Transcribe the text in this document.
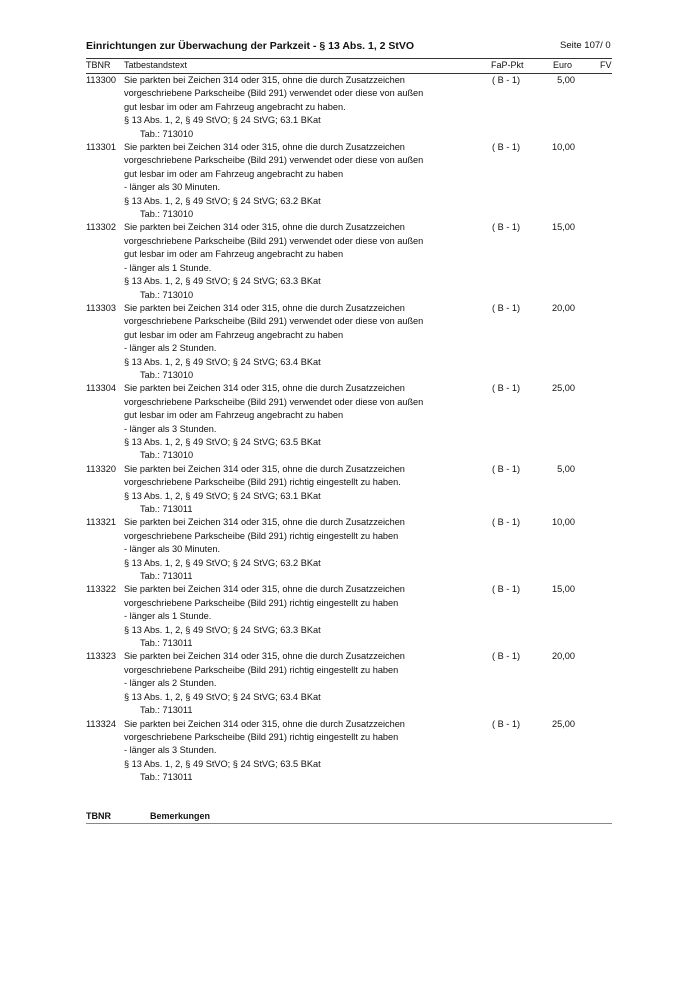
Einrichtungen zur Überwachung der Parkzeit - § 13 Abs. 1, 2 StVO	Seite 107/ 0
TBNR Tatbestandstext	FaP-Pkt	Euro	FV
113300 Sie parkten bei Zeichen 314 oder 315, ohne die durch Zusatzzeichen
vorgeschriebene Parkscheibe (Bild 291) verwendet oder diese von außen
gut lesbar im oder am Fahrzeug angebracht zu haben.
§ 13 Abs. 1, 2, § 49 StVO; § 24 StVG; 63.1 BKat
Tab.: 713010
( B - 1)	5,00
113301 Sie parkten bei Zeichen 314 oder 315, ohne die durch Zusatzzeichen
vorgeschriebene Parkscheibe (Bild 291) verwendet oder diese von außen
gut lesbar im oder am Fahrzeug angebracht zu haben
- länger als 30 Minuten.
§ 13 Abs. 1, 2, § 49 StVO; § 24 StVG; 63.2 BKat
Tab.: 713010
( B - 1)	10,00
113302 Sie parkten bei Zeichen 314 oder 315, ohne die durch Zusatzzeichen
vorgeschriebene Parkscheibe (Bild 291) verwendet oder diese von außen
gut lesbar im oder am Fahrzeug angebracht zu haben
- länger als 1 Stunde.
§ 13 Abs. 1, 2, § 49 StVO; § 24 StVG; 63.3 BKat
Tab.: 713010
( B - 1)	15,00
113303 Sie parkten bei Zeichen 314 oder 315, ohne die durch Zusatzzeichen
vorgeschriebene Parkscheibe (Bild 291) verwendet oder diese von außen
gut lesbar im oder am Fahrzeug angebracht zu haben
- länger als 2 Stunden.
§ 13 Abs. 1, 2, § 49 StVO; § 24 StVG; 63.4 BKat
Tab.: 713010
( B - 1)	20,00
113304 Sie parkten bei Zeichen 314 oder 315, ohne die durch Zusatzzeichen
vorgeschriebene Parkscheibe (Bild 291) verwendet oder diese von außen
gut lesbar im oder am Fahrzeug angebracht zu haben
- länger als 3 Stunden.
§ 13 Abs. 1, 2, § 49 StVO; § 24 StVG; 63.5 BKat
Tab.: 713010
( B - 1)	25,00
113320 Sie parkten bei Zeichen 314 oder 315, ohne die durch Zusatzzeichen
vorgeschriebene Parkscheibe (Bild 291) richtig eingestellt zu haben.
§ 13 Abs. 1, 2, § 49 StVO; § 24 StVG; 63.1 BKat
Tab.: 713011
( B - 1)	5,00
113321 Sie parkten bei Zeichen 314 oder 315, ohne die durch Zusatzzeichen
vorgeschriebene Parkscheibe (Bild 291) richtig eingestellt zu haben
- länger als 30 Minuten.
§ 13 Abs. 1, 2, § 49 StVO; § 24 StVG; 63.2 BKat
Tab.: 713011
( B - 1)	10,00
113322 Sie parkten bei Zeichen 314 oder 315, ohne die durch Zusatzzeichen
vorgeschriebene Parkscheibe (Bild 291) richtig eingestellt zu haben
- länger als 1 Stunde.
§ 13 Abs. 1, 2, § 49 StVO; § 24 StVG; 63.3 BKat
Tab.: 713011
( B - 1)	15,00
113323 Sie parkten bei Zeichen 314 oder 315, ohne die durch Zusatzzeichen
vorgeschriebene Parkscheibe (Bild 291) richtig eingestellt zu haben
- länger als 2 Stunden.
§ 13 Abs. 1, 2, § 49 StVO; § 24 StVG; 63.4 BKat
Tab.: 713011
( B - 1)	20,00
113324 Sie parkten bei Zeichen 314 oder 315, ohne die durch Zusatzzeichen
vorgeschriebene Parkscheibe (Bild 291) richtig eingestellt zu haben
- länger als 3 Stunden.
§ 13 Abs. 1, 2, § 49 StVO; § 24 StVG; 63.5 BKat
Tab.: 713011
( B - 1)	25,00
TBNR	Bemerkungen
